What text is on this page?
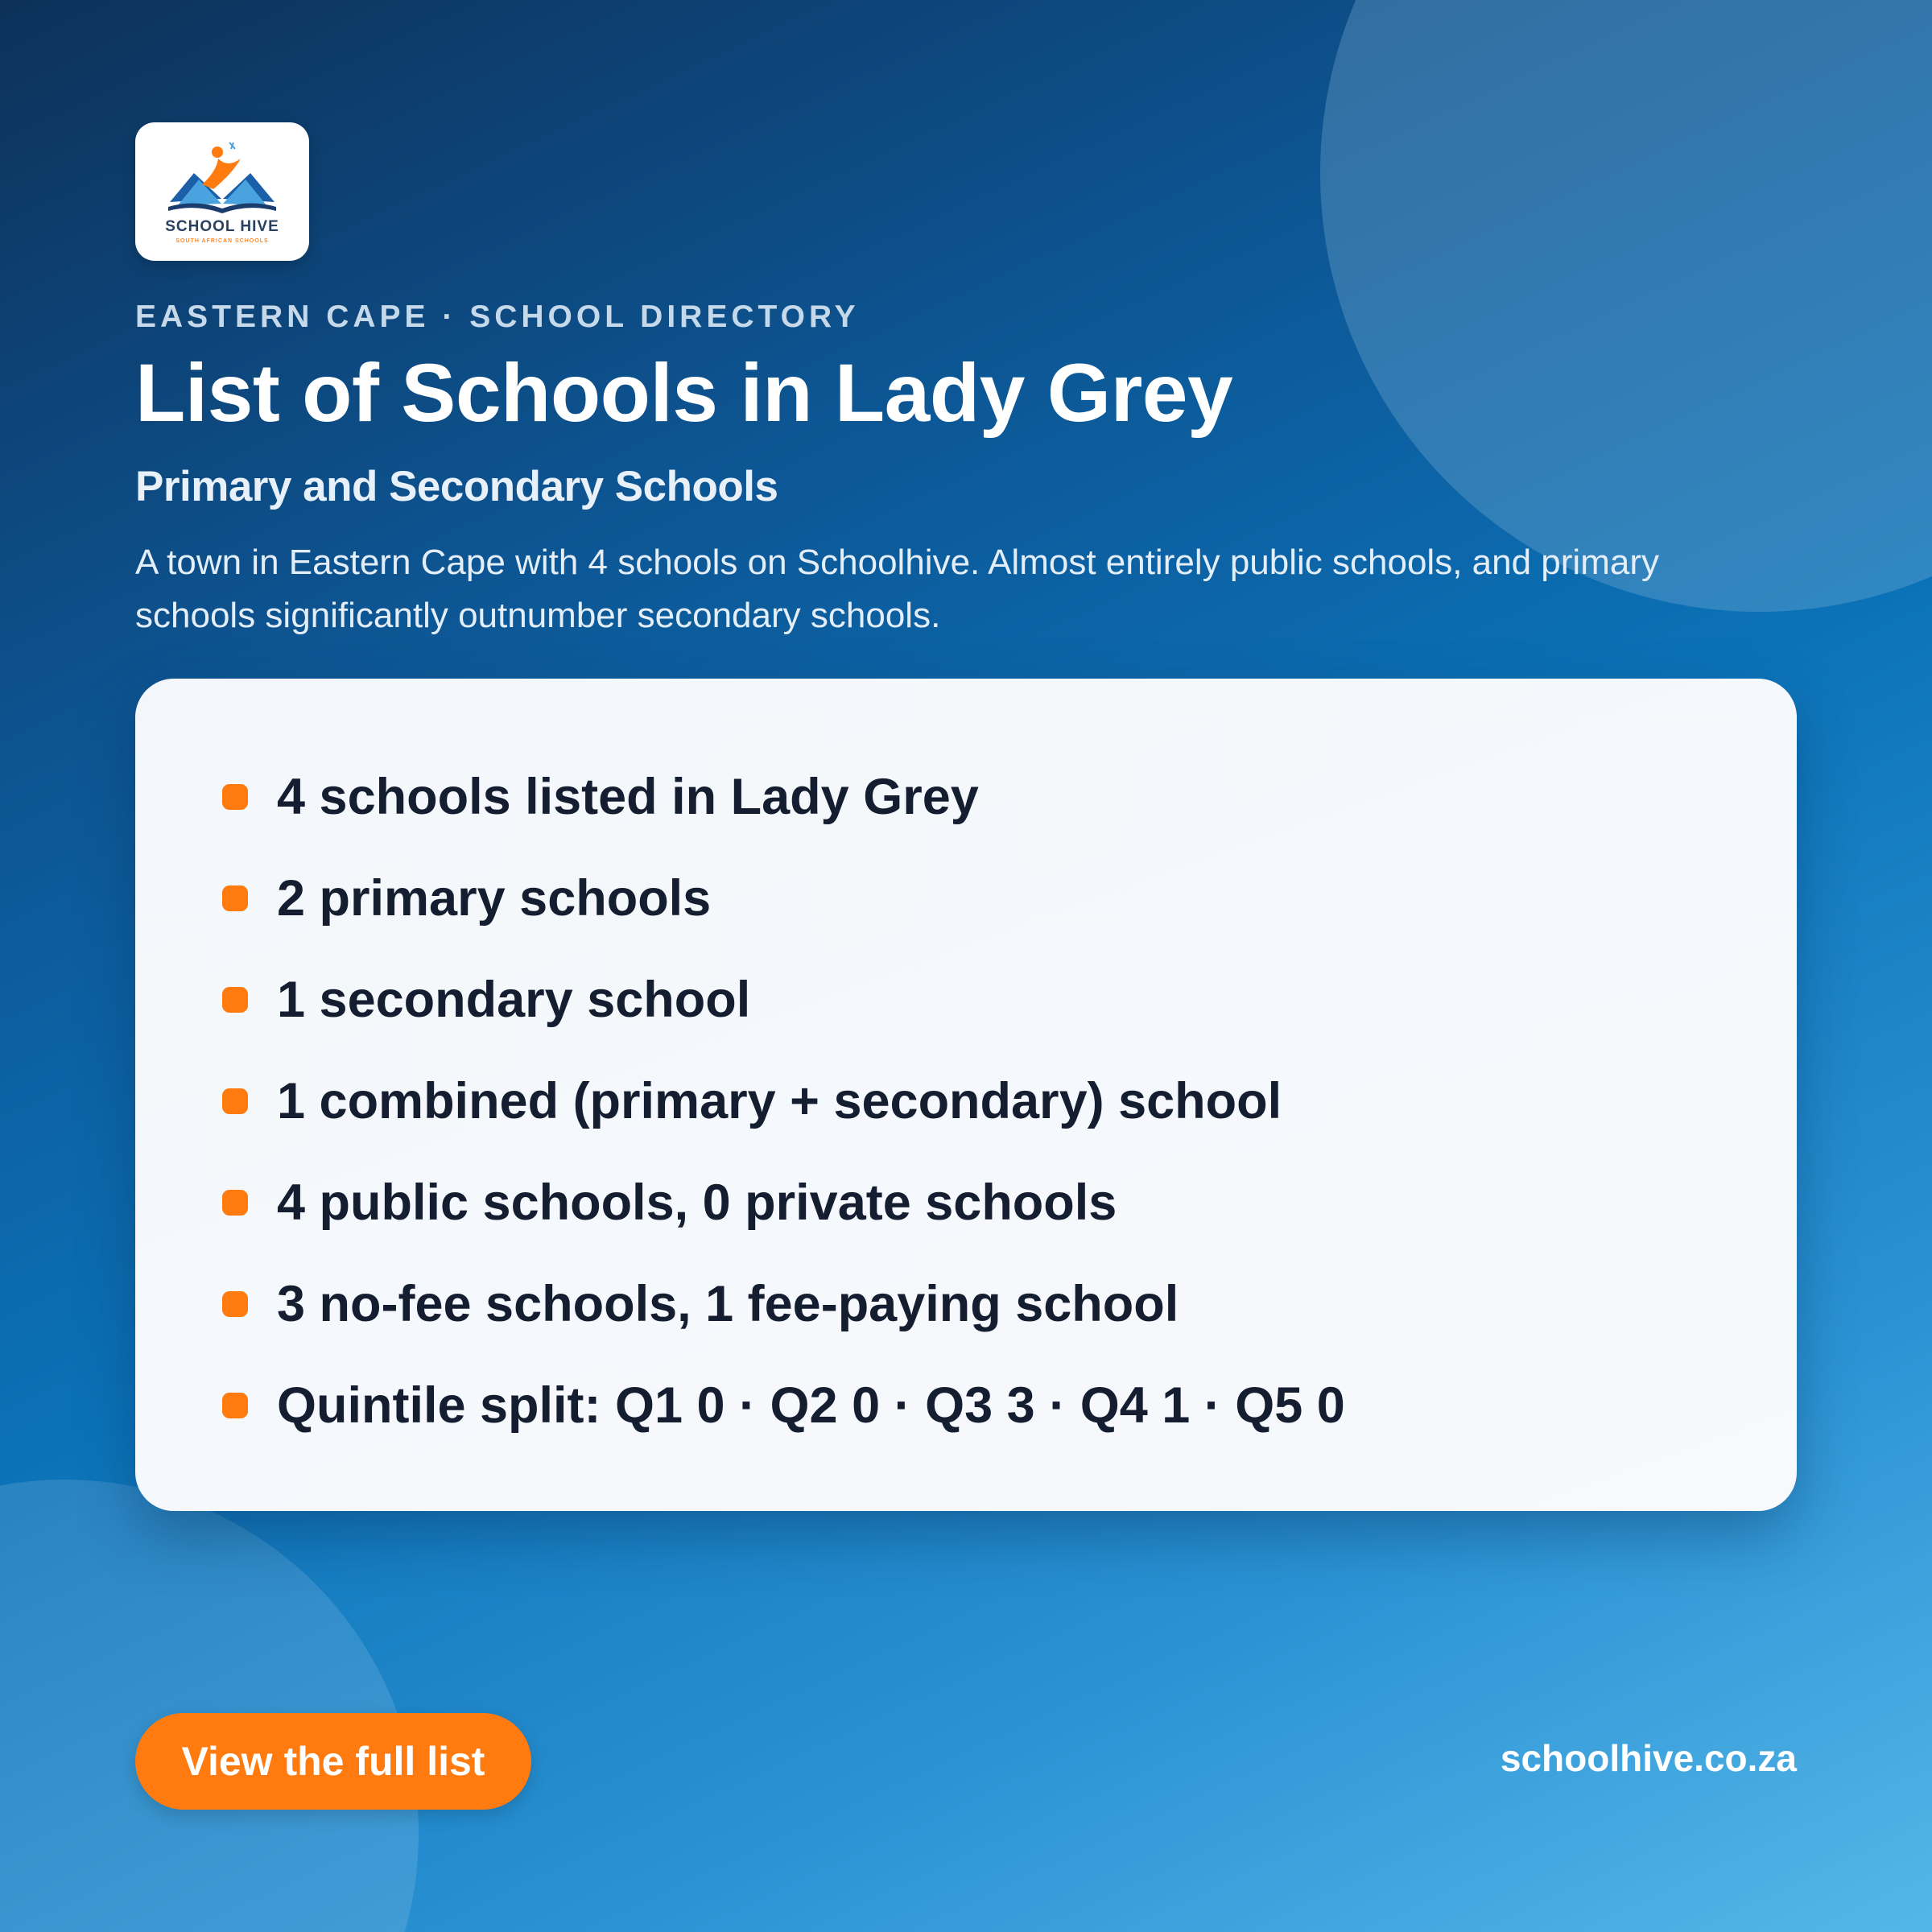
SCHOOL HIVE
SOUTH AFRICAN SCHOOLS
EASTERN CAPE · SCHOOL DIRECTORY
List of Schools in Lady Grey
Primary and Secondary Schools

A town in Eastern Cape with 4 schools on Schoolhive. Almost entirely public schools, and primary schools significantly outnumber secondary schools.

4 schools listed in Lady Grey
2 primary schools
1 secondary school
1 combined (primary + secondary) school
4 public schools, 0 private schools
3 no-fee schools, 1 fee-paying school
Quintile split: Q1 0 · Q2 0 · Q3 3 · Q4 1 · Q5 0
View the full list	schoolhive.co.za
